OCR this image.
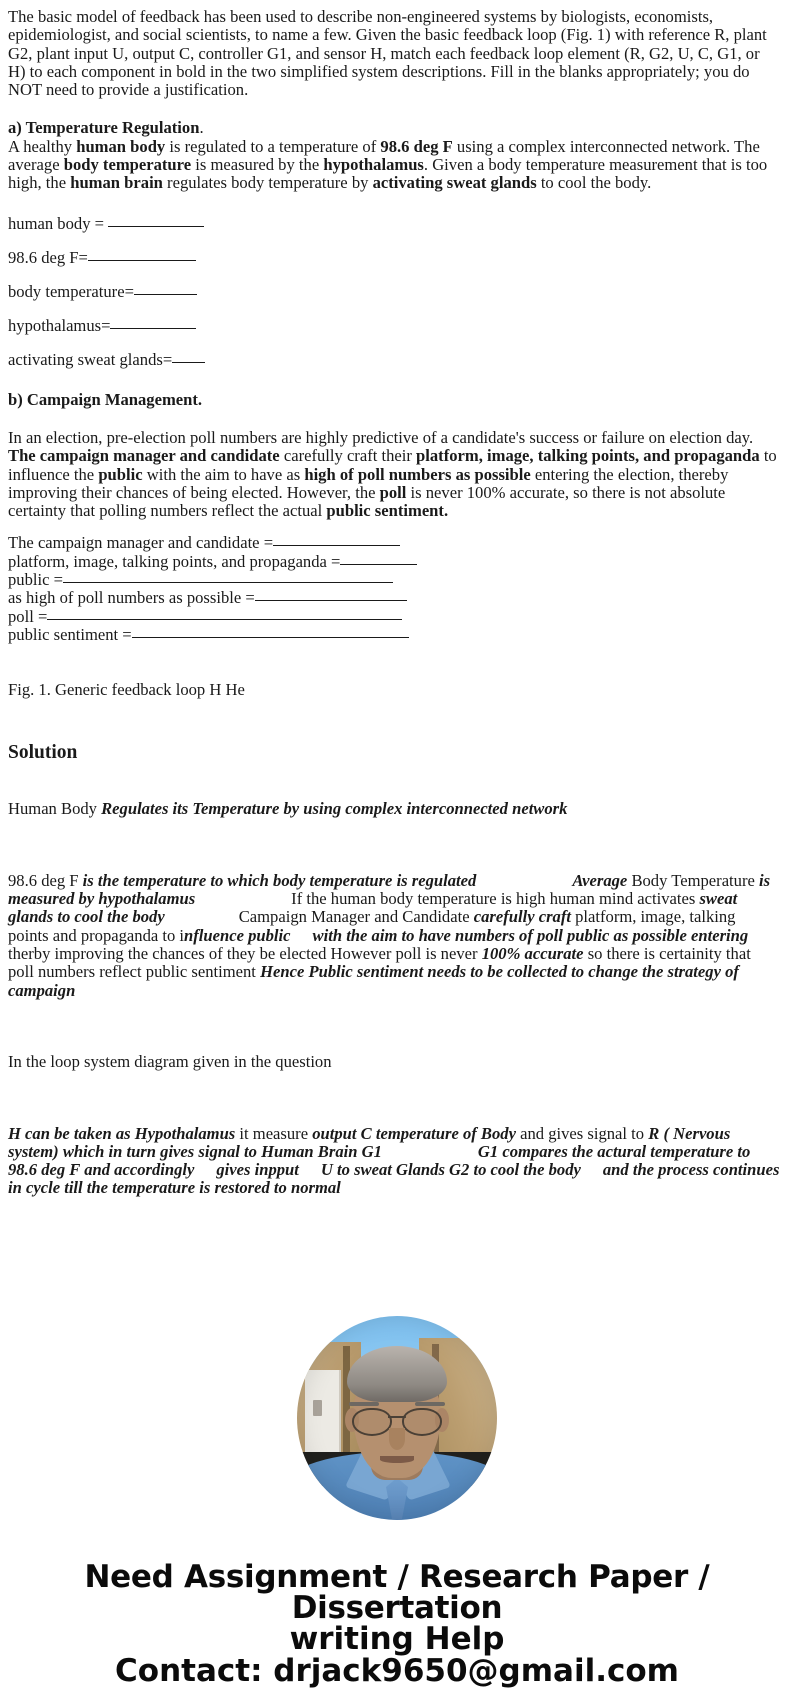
The basic model of feedback has been used to describe non-engineered systems by biologists, economists, epidemiologist, and social scientists, to name a few. Given the basic feedback loop (Fig. 1) with reference R, plant G2, plant input U, output C, controller G1, and sensor H, match each feedback loop element (R, G2, U, C, G1, or H) to each component in bold in the two simplified system descriptions. Fill in the blanks appropriately; you do NOT need to provide a justification.

a) Temperature Regulation.

A healthy human body is regulated to a temperature of 98.6 deg F using a complex interconnected network. The average body temperature is measured by the hypothalamus. Given a body temperature measurement that is too high, the human brain regulates body temperature by activating sweat glands to cool the body.

human body =
98.6 deg F=
body temperature=
hypothalamus=
activating sweat glands=

b) Campaign Management.

In an election, pre-election poll numbers are highly predictive of a candidate's success or failure on election day. The campaign manager and candidate carefully craft their platform, image, talking points, and propaganda to influence the public with the aim to have as high of poll numbers as possible entering the election, thereby improving their chances of being elected. However, the poll is never 100% accurate, so there is not absolute certainty that polling numbers reflect the actual public sentiment.

The campaign manager and candidate =
platform, image, talking points, and propaganda =
public =
as high of poll numbers as possible =
poll =
public sentiment =

Fig. 1. Generic feedback loop H He

Solution

Human Body Regulates its Temperature by using complex interconnected network

98.6 deg F is the temperature to which body temperature is regulated	Average Body Temperature is measured by hypothalamus	If the human body temperature is high human mind activates sweat glands to cool the body	Campaign Manager and Candidate carefully craft platform, image, talking points and propaganda to influence public with the aim to have numbers of poll public as possible entering therby improving the chances of they be elected However poll is never 100% accurate so there is certainity that poll numbers reflect public sentiment Hence Public sentiment needs to be collected to change the strategy of campaign

In the loop system diagram given in the question

H can be taken as Hypothalamus it measure output C temperature of Body and gives signal to R ( Nervous system) which in turn gives signal to Human Brain G1	G1 compares the actural temperature to 98.6 deg F and accordingly gives inpput U to sweat Glands G2 to cool the body and the process continues in cycle till the temperature is restored to normal

Need Assignment / Research Paper / Dissertation
writing Help
Contact: drjack9650@gmail.com
